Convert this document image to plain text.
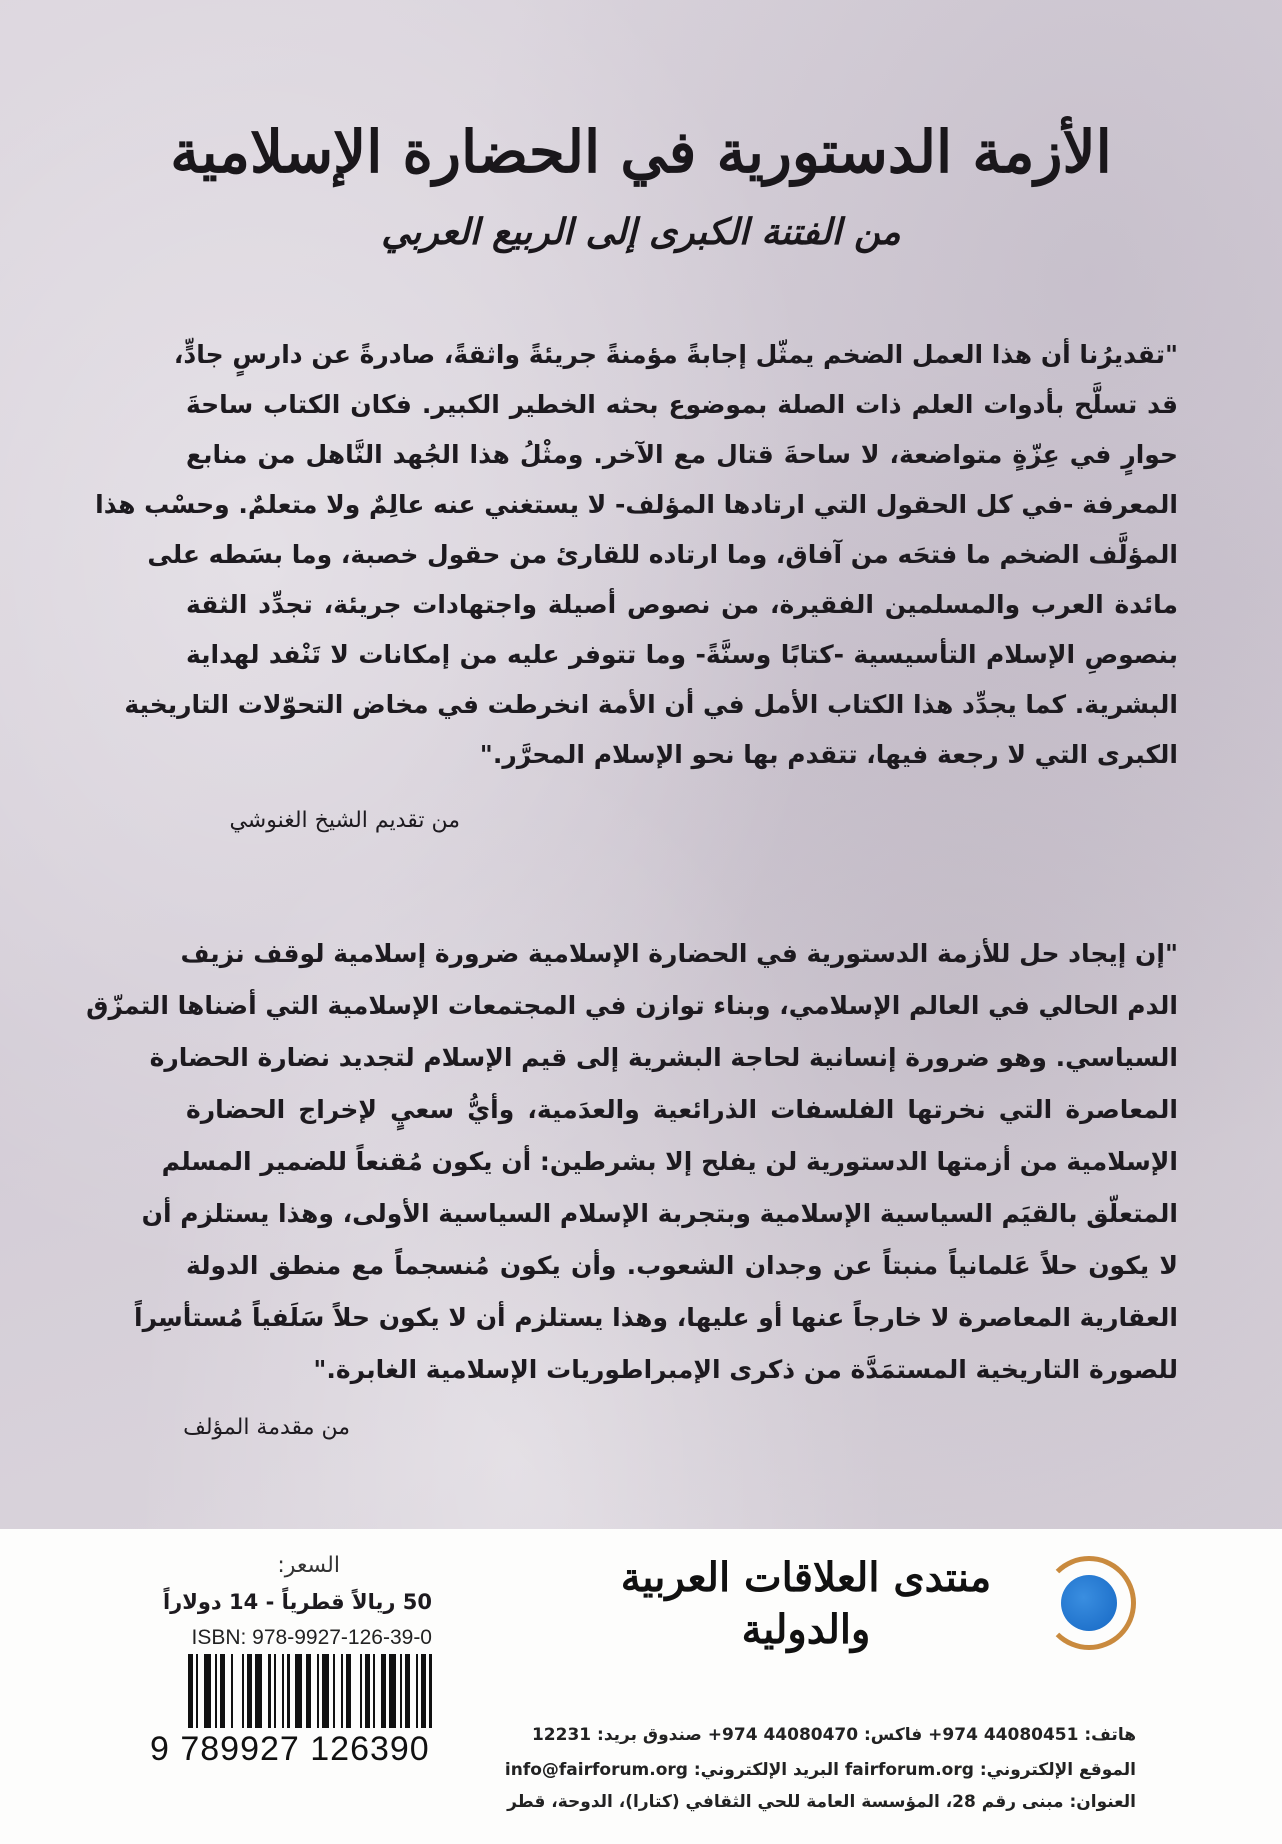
الأزمة الدستورية في الحضارة الإسلامية
من الفتنة الكبرى إلى الربيع العربي
"تقديرُنا أن هذا العمل الضخم يمثّل إجابةً مؤمنةً جريئةً واثقةً، صادرةً عن دارسٍ جادٍّ،
قد تسلَّح بأدوات العلم ذات الصلة بموضوع بحثه الخطير الكبير. فكان الكتاب ساحةَ
حوارٍ في عِزّةٍ متواضعة، لا ساحةَ قتال مع الآخر. ومثْلُ هذا الجُهد النَّاهل من منابع
المعرفة -في كل الحقول التي ارتادها المؤلف- لا يستغني عنه عالِمٌ ولا متعلمٌ. وحسْب هذا
المؤلَّف الضخم ما فتحَه من آفاق، وما ارتاده للقارئ من حقول خصبة، وما بسَطه على
مائدة العرب والمسلمين الفقيرة، من نصوص أصيلة واجتهادات جريئة، تجدِّد الثقة
بنصوصِ الإسلام التأسيسية -كتابًا وسنَّةً- وما تتوفر عليه من إمكانات لا تَنْفد لهداية
البشرية. كما يجدِّد هذا الكتاب الأمل في أن الأمة انخرطت في مخاض التحوّلات التاريخية
الكبرى التي لا رجعة فيها، تتقدم بها نحو الإسلام المحرَّر."
من تقديم الشيخ الغنوشي
"إن إيجاد حل للأزمة الدستورية في الحضارة الإسلامية ضرورة إسلامية لوقف نزيف
الدم الحالي في العالم الإسلامي، وبناء توازن في المجتمعات الإسلامية التي أضناها التمزّق
السياسي. وهو ضرورة إنسانية لحاجة البشرية إلى قيم الإسلام لتجديد نضارة الحضارة
المعاصرة التي نخرتها الفلسفات الذرائعية والعدَمية، وأيُّ سعيٍ لإخراج الحضارة
الإسلامية من أزمتها الدستورية لن يفلح إلا بشرطين: أن يكون مُقنعاً للضمير المسلم
المتعلّق بالقيَم السياسية الإسلامية وبتجربة الإسلام السياسية الأولى، وهذا يستلزم أن
لا يكون حلاً عَلمانياً منبتاً عن وجدان الشعوب. وأن يكون مُنسجماً مع منطق الدولة
العقارية المعاصرة لا خارجاً عنها أو عليها، وهذا يستلزم أن لا يكون حلاً سَلَفياً مُستأسِراً
للصورة التاريخية المستمَدَّة من ذكرى الإمبراطوريات الإسلامية الغابرة."
من مقدمة المؤلف
منتدى العلاقات العربية والدولية
هاتف: 44080451 974+ فاكس: 44080470 974+ صندوق بريد: 12231
الموقع الإلكتروني: fairforum.org البريد الإلكتروني: info@fairforum.org
العنوان: مبنى رقم 28، المؤسسة العامة للحي الثقافي (كتارا)، الدوحة، قطر
السعر:
50 ريالاً قطرياً - 14 دولاراً
ISBN: 978-9927-126-39-0
9 789927 126390
